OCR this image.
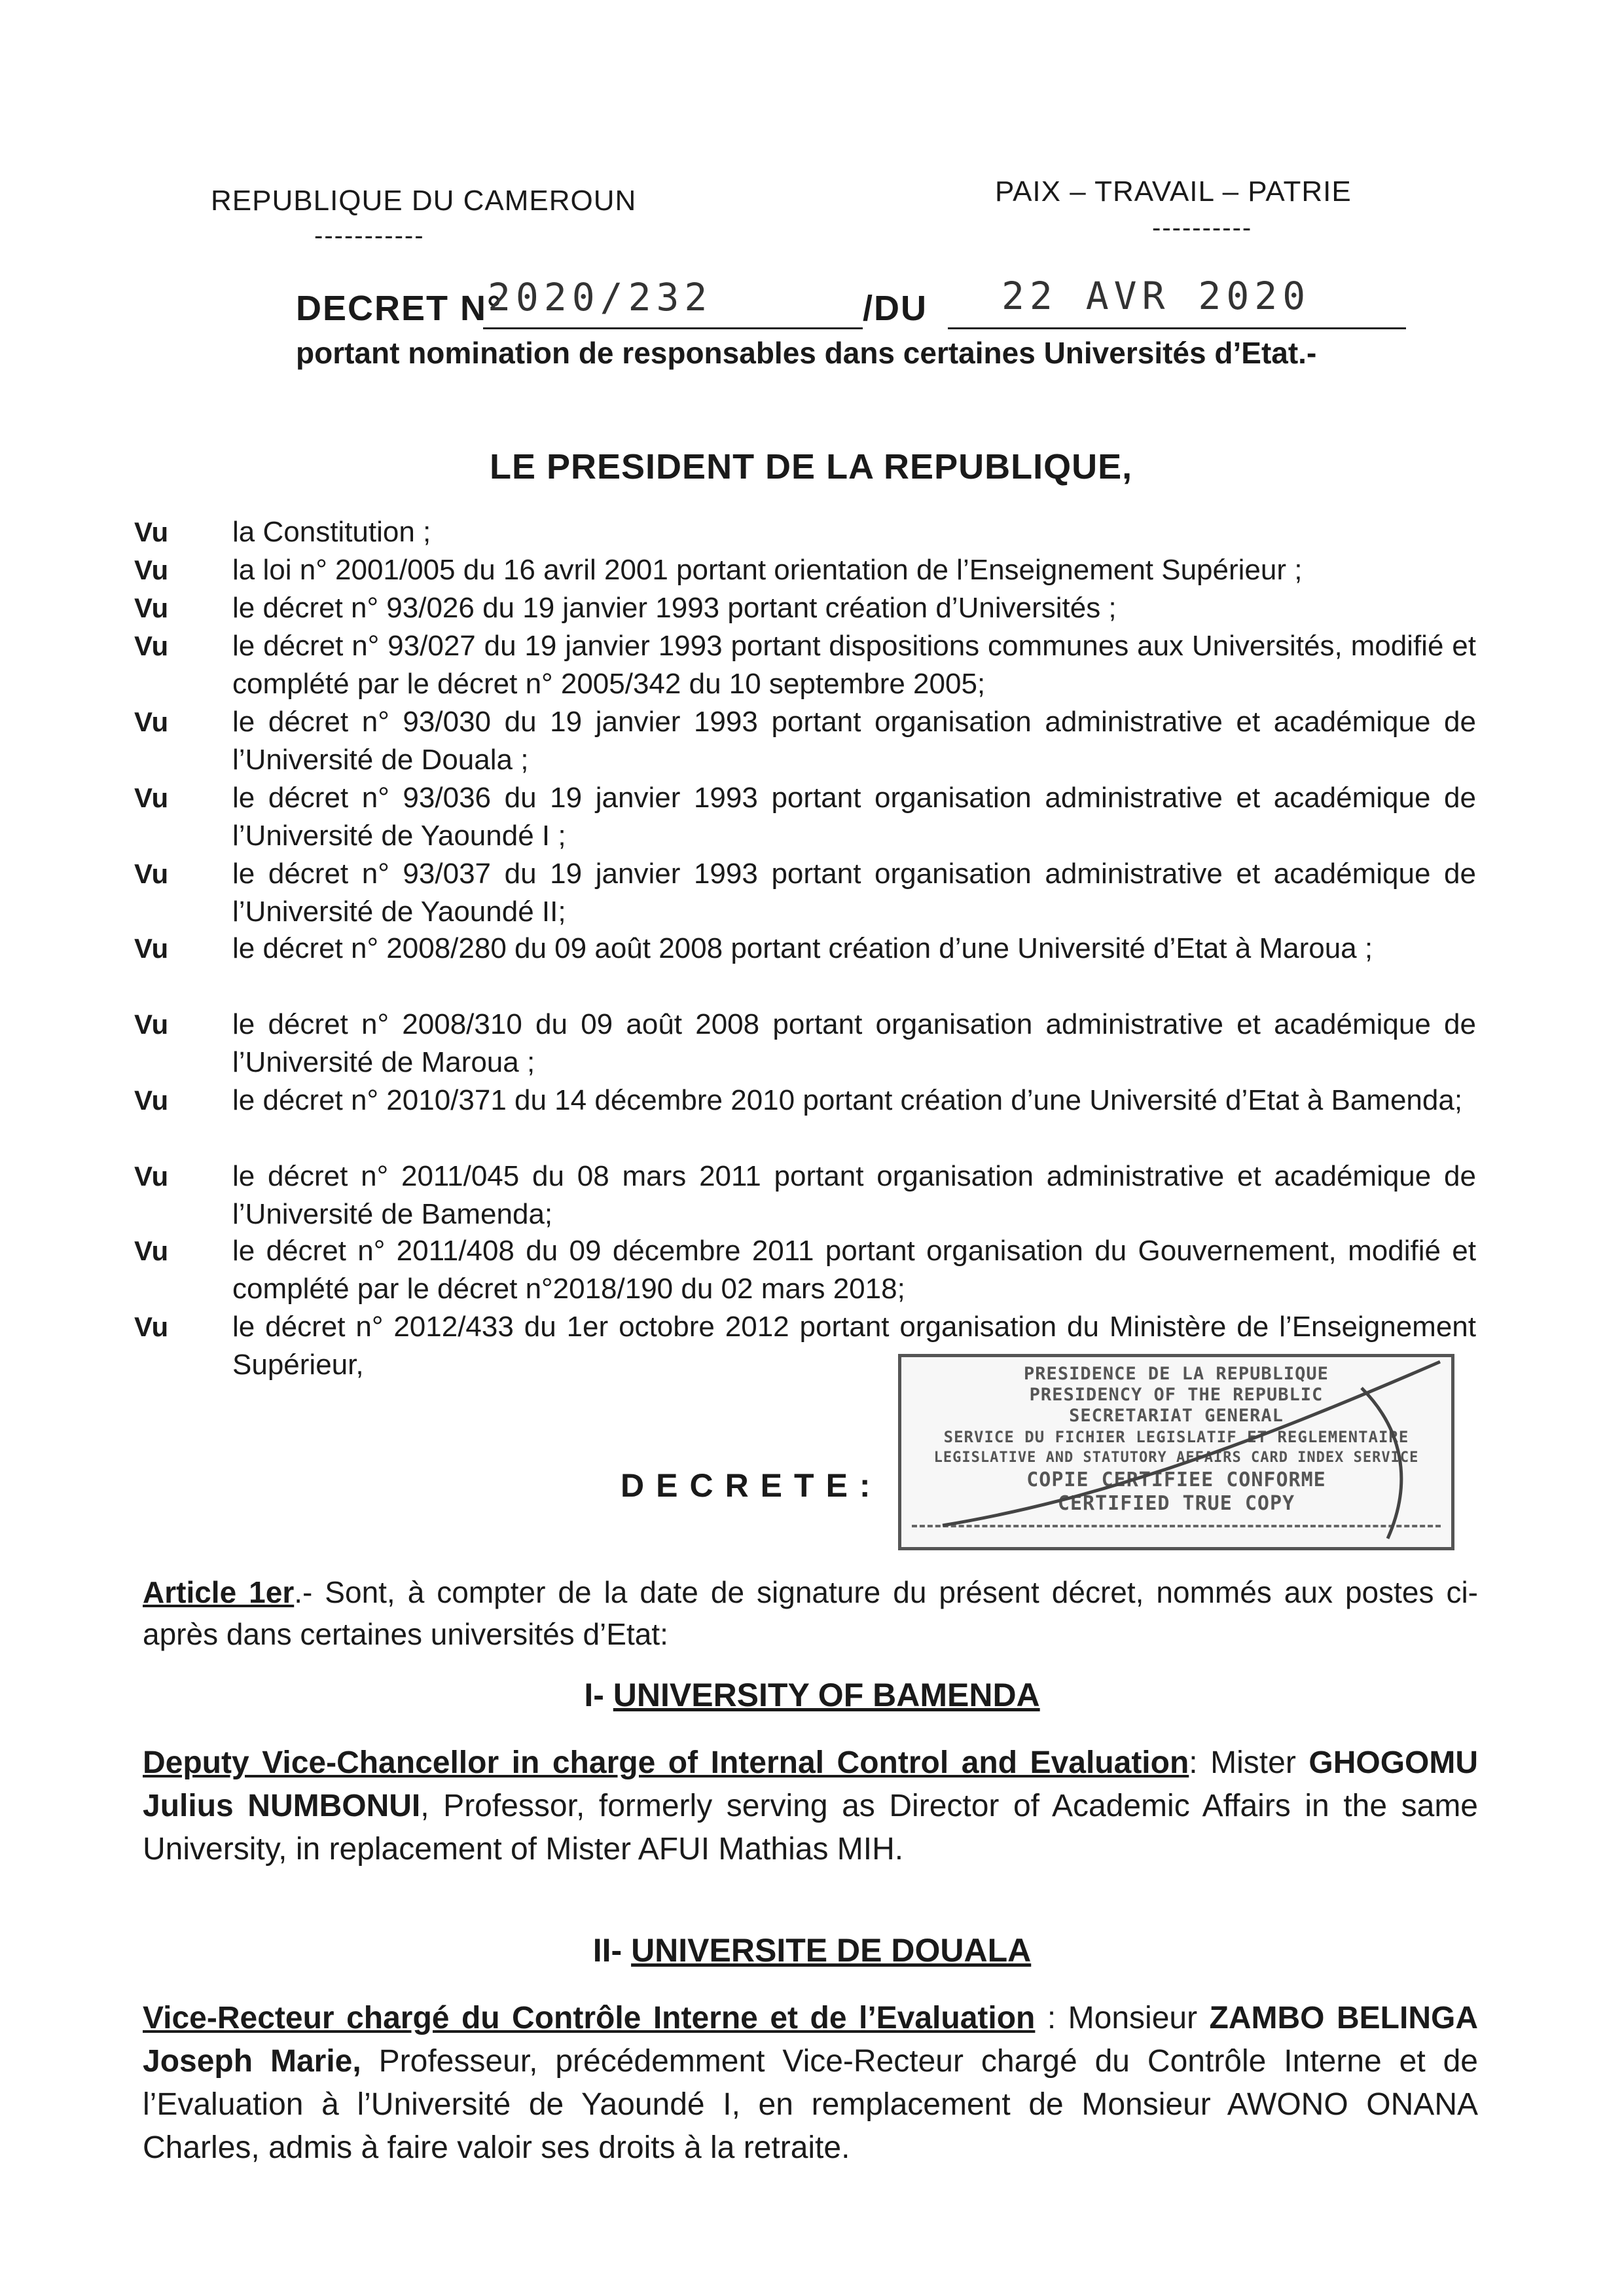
REPUBLIQUE DU CAMEROUN
-----------
PAIX – TRAVAIL – PATRIE
----------
DECRET N°
2020/232	/DU 22 AVR 2020
portant nomination de responsables dans certaines Universités d’Etat.-
LE PRESIDENT DE LA REPUBLIQUE,
Vu	la Constitution ;
Vu	la loi n° 2001/005 du 16 avril 2001 portant orientation de l’Enseignement Supérieur ;
Vu	le décret n° 93/026 du 19 janvier 1993 portant création d’Universités ;
Vu	le décret n° 93/027 du 19 janvier 1993 portant dispositions communes aux Universités, modifié et complété par le décret n° 2005/342 du 10 septembre 2005;
Vu	le décret n° 93/030 du 19 janvier 1993 portant organisation administrative et académique de l’Université de Douala ;
Vu	le décret n° 93/036 du 19 janvier 1993 portant organisation administrative et académique de l’Université de Yaoundé I ;
Vu	le décret n° 93/037 du 19 janvier 1993 portant organisation administrative et académique de l’Université de Yaoundé II;
Vu	le décret n° 2008/280 du 09 août 2008 portant création d’une Université d’Etat à Maroua ;
Vu	le décret n° 2008/310 du 09 août 2008 portant organisation administrative et académique de l’Université de Maroua ;
Vu	le décret n° 2010/371 du 14 décembre 2010 portant création d’une Université d’Etat à Bamenda;
Vu	le décret n° 2011/045 du 08 mars 2011 portant organisation administrative et académique de l’Université de Bamenda;
Vu	le décret n° 2011/408 du 09 décembre 2011 portant organisation du Gouvernement, modifié et complété par le décret n°2018/190 du 02 mars 2018;
Vu	le décret n° 2012/433 du 1er octobre 2012 portant organisation du Ministère de l’Enseignement Supérieur,	PRESIDENCE DE LA REPUBLIQUE
PRESIDENCY OF THE REPUBLIC
SECRETARIAT GENERAL
SERVICE DU FICHIER LEGISLATIF ET REGLEMENTAIRE
LEGISLATIVE AND STATUTORY AFFAIRS CARD INDEX SERVICE
COPIE CERTIFIEE CONFORME
CERTIFIED TRUE COPY
DECRETE:
Article 1er.- Sont, à compter de la date de signature du présent décret, nommés aux postes ci-après dans certaines universités d’Etat:
I- UNIVERSITY OF BAMENDA
Deputy Vice-Chancellor in charge of Internal Control and Evaluation: Mister GHOGOMU Julius NUMBONUI, Professor, formerly serving as Director of Academic Affairs in the same University, in replacement of Mister AFUI Mathias MIH.
II- UNIVERSITE DE DOUALA
Vice-Recteur chargé du Contrôle Interne et de l’Evaluation : Monsieur ZAMBO BELINGA Joseph Marie, Professeur, précédemment Vice-Recteur chargé du Contrôle Interne et de l’Evaluation à l’Université de Yaoundé I, en remplacement de Monsieur AWONO ONANA Charles, admis à faire valoir ses droits à la retraite.
